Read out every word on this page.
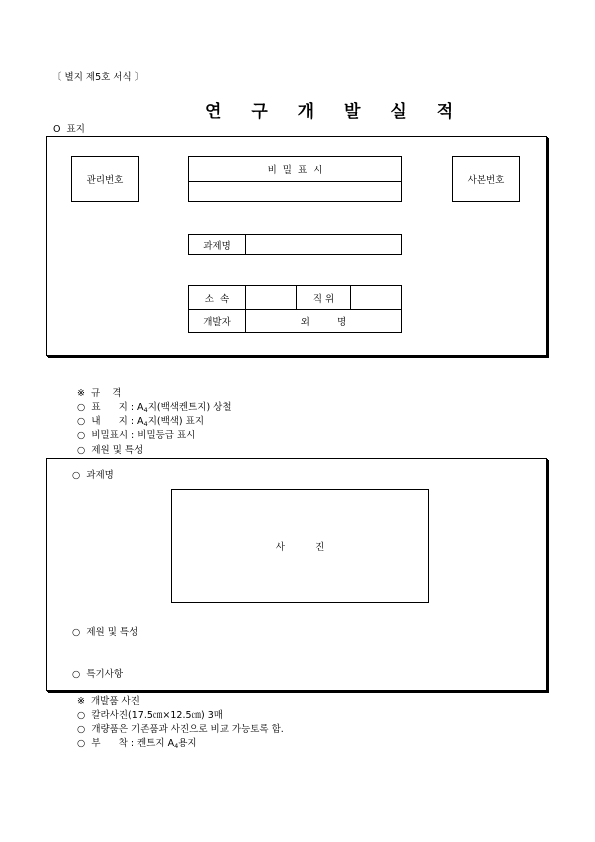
〔 별지 제5호 서식 〕
연 구 개 발 실 적
O  표지
관리번호
비  밀  표  시
사본번호
과제명
소  속	직 위
개발자	외         명
※  규    격
○  표      지 : $A_4$지(백색켄트지) 상철
○  내      지 : $A_4$지(백색) 표지
○  비밀표시 : 비밀등급 표시
○  제원 및 특성
○  과제명
사          진
○  제원 및 특성
○  특기사항
※  개발품 사진
○  칼라사진(17.5㎝×12.5㎝) 3매
○  개량품은 기존품과 사진으로 비교 가능토록 함.
○  부      착 : 켄트지 $A_4$용지
